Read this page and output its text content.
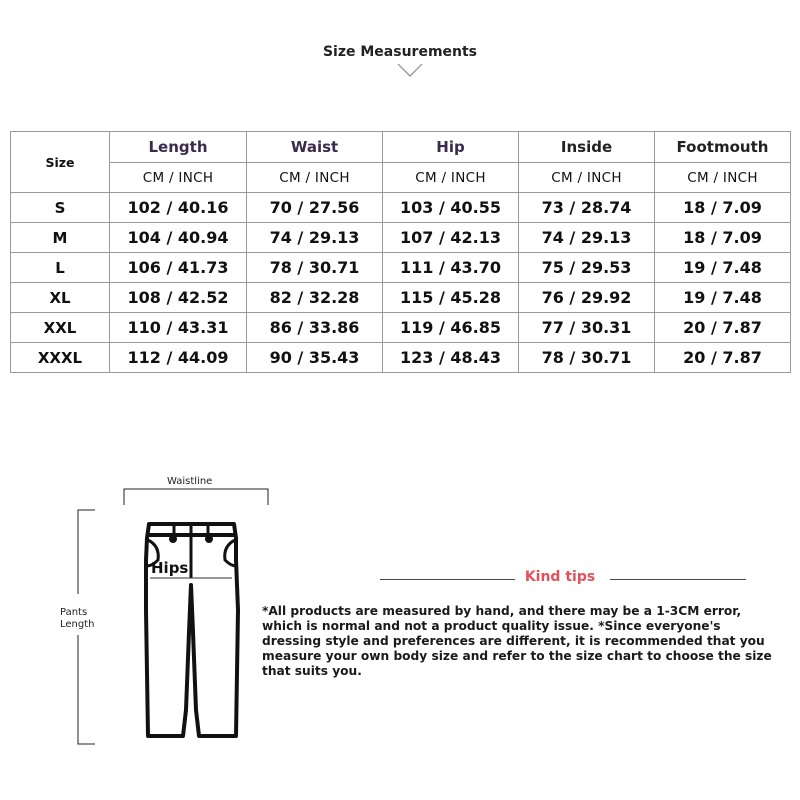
Size Measurements
Size	Length	Waist	Hip	Inside	Footmouth
	CM / INCH	CM / INCH	CM / INCH	CM / INCH	CM / INCH
S	102 / 40.16	70 / 27.56	103 / 40.55	73 / 28.74	18 / 7.09
M	104 / 40.94	74 / 29.13	107 / 42.13	74 / 29.13	18 / 7.09
L	106 / 41.73	78 / 30.71	111 / 43.70	75 / 29.53	19 / 7.48
XL	108 / 42.52	82 / 32.28	115 / 45.28	76 / 29.92	19 / 7.48
XXL	110 / 43.31	86 / 33.86	119 / 46.85	77 / 30.31	20 / 7.87
XXXL	112 / 44.09	90 / 35.43	123 / 48.43	78 / 30.71	20 / 7.87
Waistline
Pants
Length
Hips	Kind tips
*All products are measured by hand, and there may be a 1-3CM error, which is normal and not a product quality issue. *Since everyone's dressing style and preferences are different, it is recommended that you measure your own body size and refer to the size chart to choose the size that suits you.
